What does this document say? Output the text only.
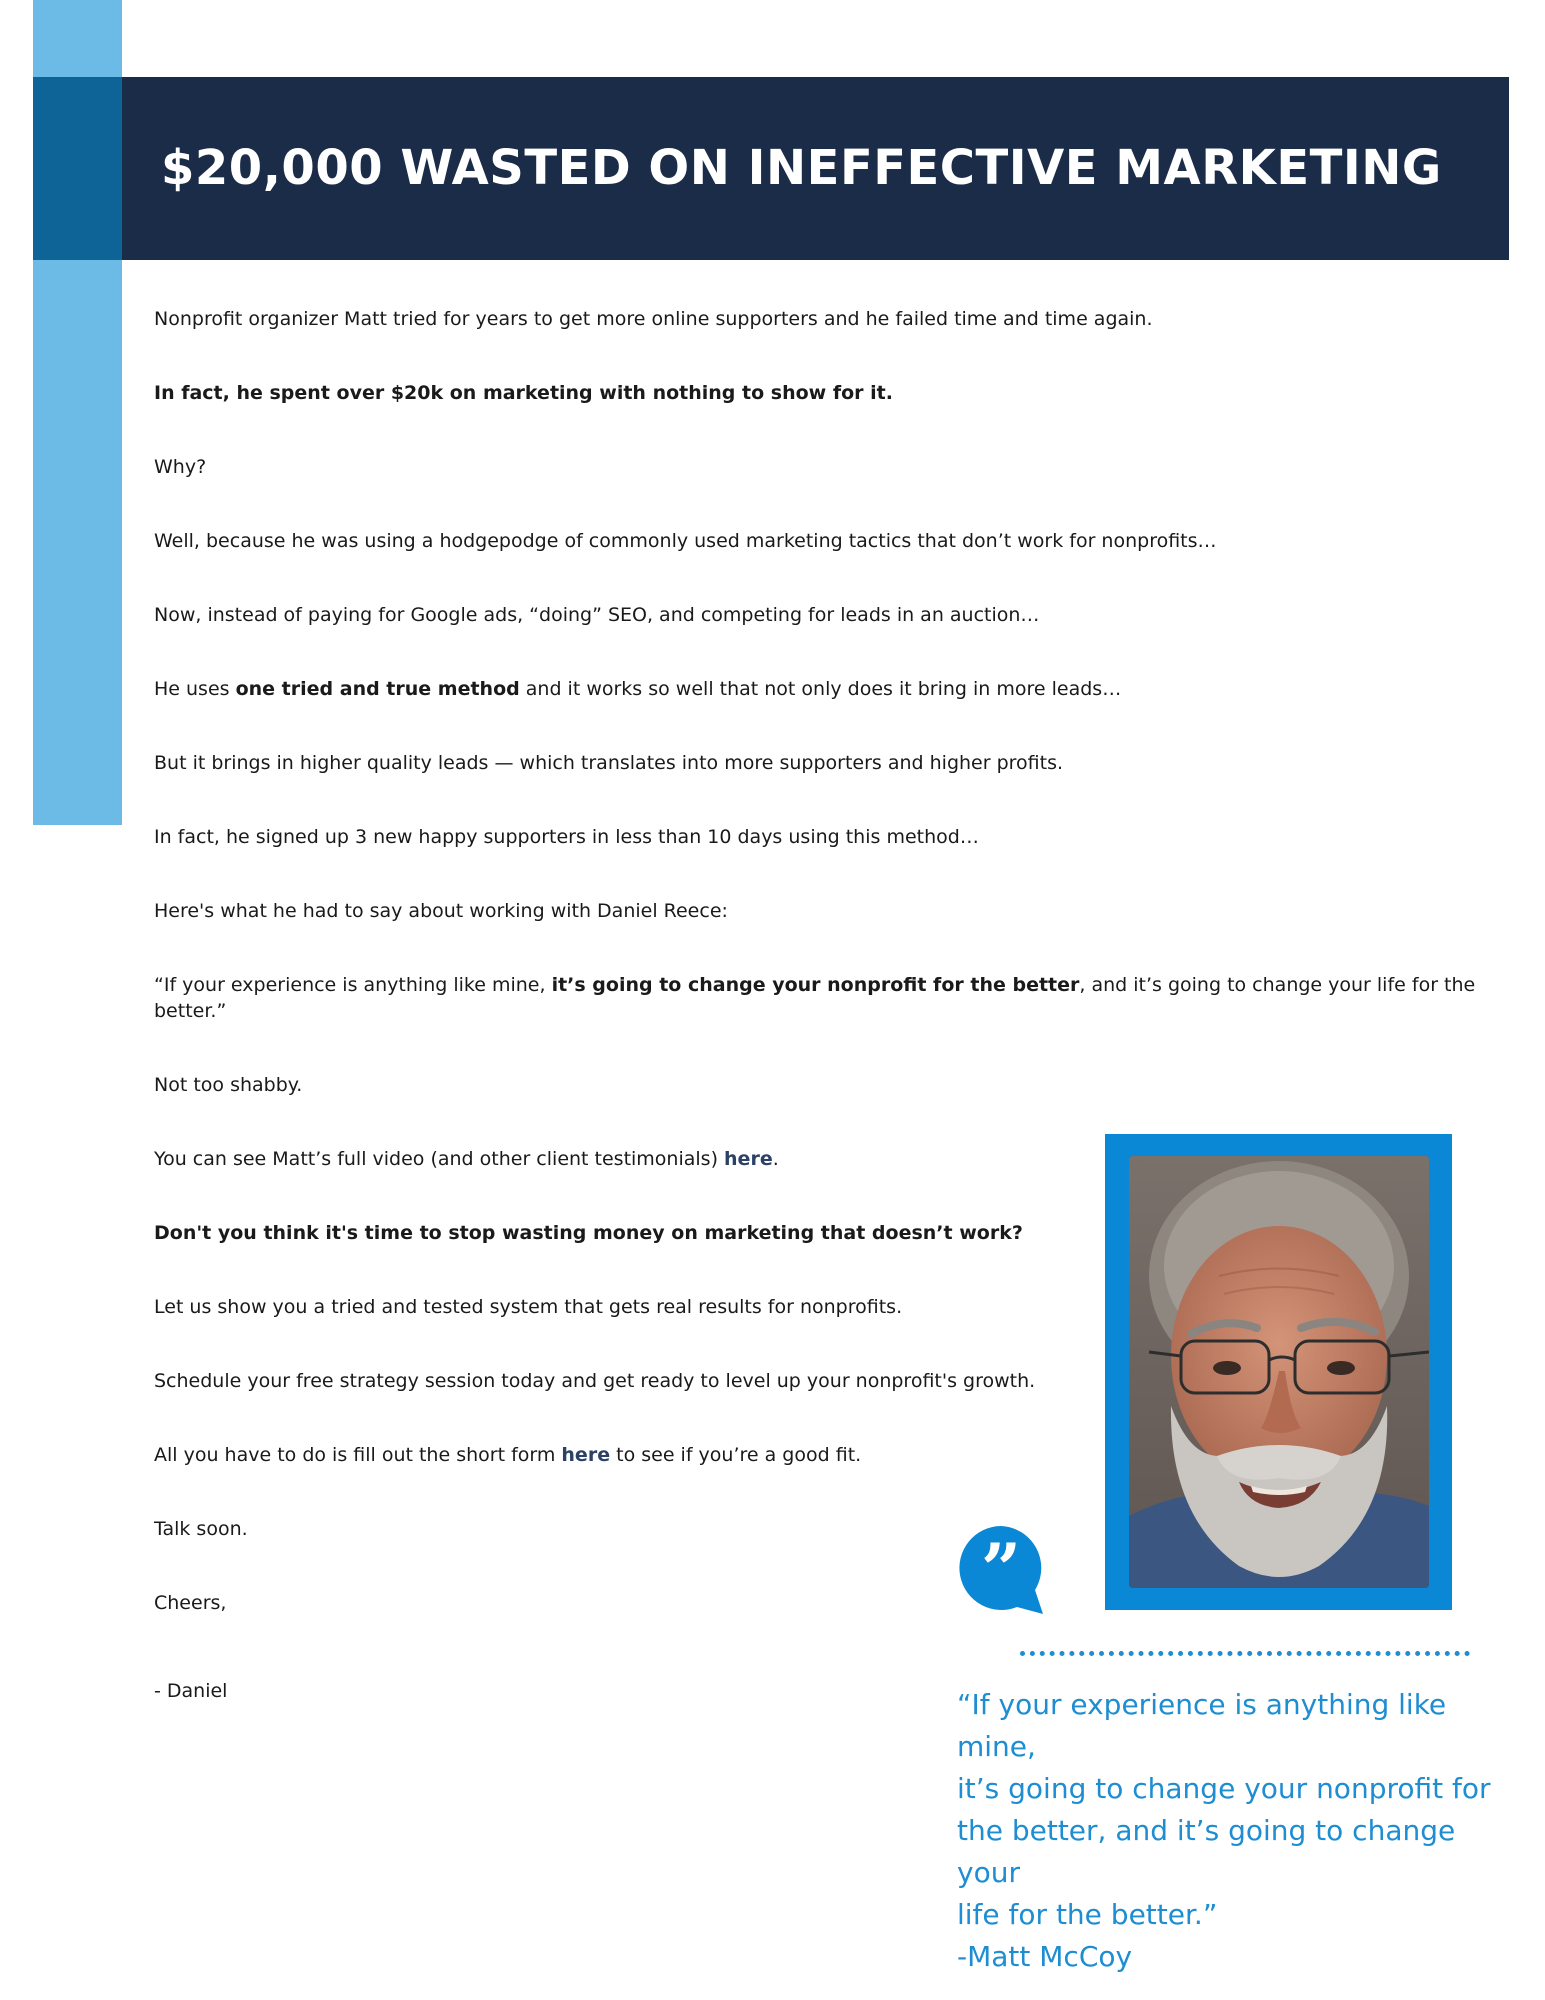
$20,000 WASTED ON INEFFECTIVE MARKETING

Nonprofit organizer Matt tried for years to get more online supporters and he failed time and time again.

In fact, he spent over $20k on marketing with nothing to show for it.

Why?

Well, because he was using a hodgepodge of commonly used marketing tactics that don’t work for nonprofits…

Now, instead of paying for Google ads, “doing” SEO, and competing for leads in an auction…

He uses one tried and true method and it works so well that not only does it bring in more leads…

But it brings in higher quality leads — which translates into more supporters and higher profits.

In fact, he signed up 3 new happy supporters in less than 10 days using this method…

Here's what he had to say about working with Daniel Reece:

“If your experience is anything like mine, it’s going to change your nonprofit for the better, and it’s going to change your life for the better.”

Not too shabby.

You can see Matt’s full video (and other client testimonials) here.

Don't you think it's time to stop wasting money on marketing that doesn’t work?

Let us show you a tried and tested system that gets real results for nonprofits.

Schedule your free strategy session today and get ready to level up your nonprofit's growth.

All you have to do is fill out the short form here to see if you’re a good fit.

Talk soon.

Cheers,

- Daniel

”

“If your experience is anything like mine,

it’s going to change your nonprofit for

the better, and it’s going to change your

life for the better.”

-Matt McCoy
